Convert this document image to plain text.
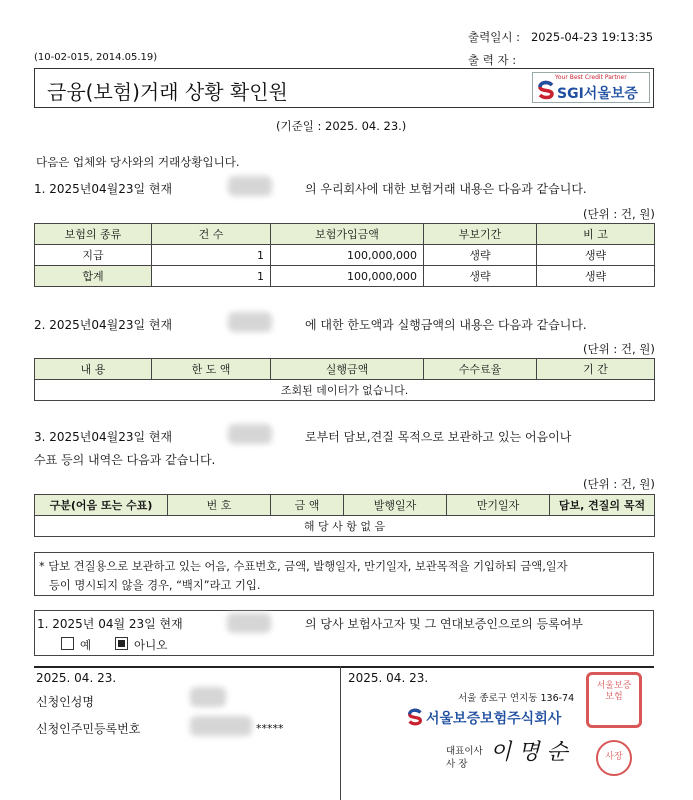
출력일시 : 2025-04-23 19:13:35
(10-02-015, 2014.05.19)	출 력 자 :
금융(보험)거래 상황 확인원
Your Best Credit Partner
SGI서울보증
(기준일 : 2025. 04. 23.)
다음은 업체와 당사와의 거래상황입니다.
1. 2025년04월23일 현재	의 우리회사에 대한 보험거래 내용은 다음과 같습니다.
(단위 : 건, 원)
보험의 종류	건 수	보험가입금액	부보기간	비 고
지급	1	100,000,000	생략	생략
합계	1	100,000,000	생략	생략
2. 2025년04월23일 현재	에 대한 한도액과 실행금액의 내용은 다음과 같습니다.
(단위 : 건, 원)
내 용	한 도 액	실행금액	수수료율	기 간
조회된 데이터가 없습니다.
3. 2025년04월23일 현재	로부터 담보,견질 목적으로 보관하고 있는 어음이나
수표 등의 내역은 다음과 같습니다.
(단위 : 건, 원)
구분(어음 또는 수표)	번 호	금 액	발행일자	만기일자	담보, 견질의 목적
해 당 사 항 없 음
* 담보 견질용으로 보관하고 있는 어음, 수표번호, 금액, 발행일자, 만기일자, 보관목적을 기입하되 금액,일자
등이 명시되지 않을 경우, “백지”라고 기입.
1. 2025년 04월 23일 현재	의 당사 보험사고자 및 그 연대보증인으로의 등록여부
예	아니오
2025. 04. 23.
신청인성명
신청인주민등록번호	*****
2025. 04. 23.
서울 종로구 연지동 136-74
서울보증보험주식회사
대표이사
사 장 이 명 순
서울보증보험
사장
